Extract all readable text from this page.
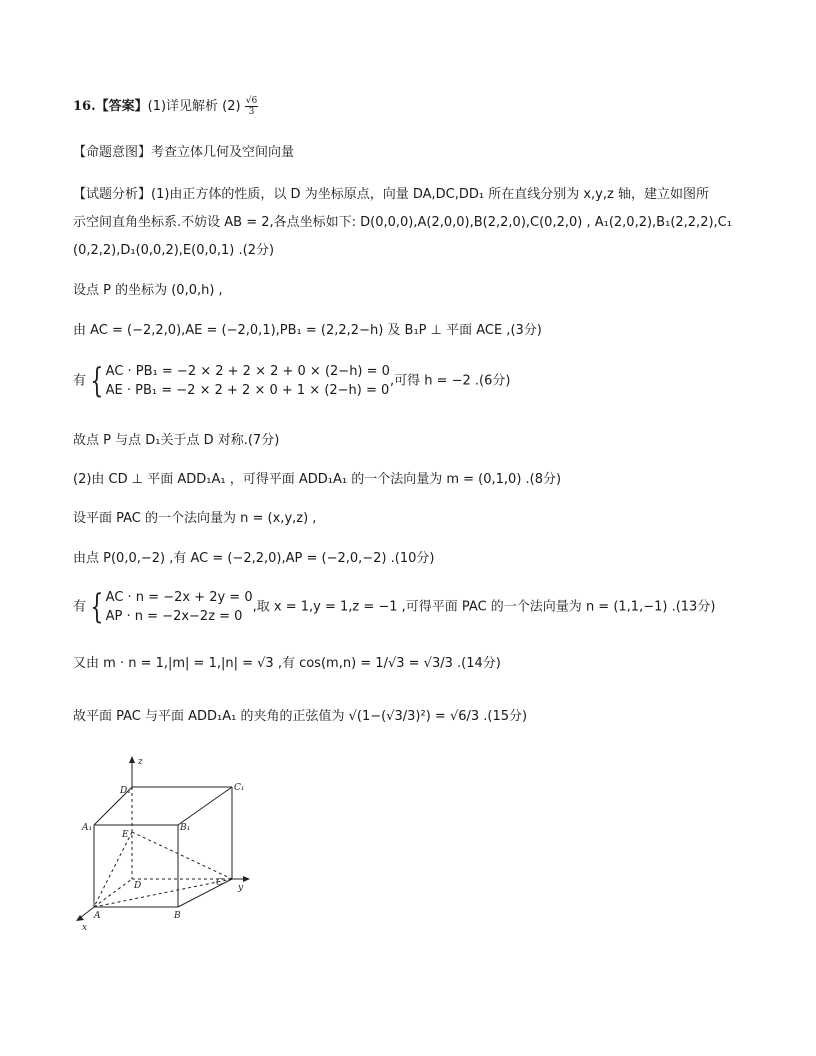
16.【答案】(1)详见解析 $(2) \frac{√6}{3}$
【命题意图】考查立体几何及空间向量
【试题分析】(1)由正方体的性质，以 D 为坐标原点，向量 DA,DC,DD₁ 所在直线分别为 x,y,z 轴，建立如图所
示空间直角坐标系.不妨设 AB = 2,各点坐标如下: D(0,0,0),A(2,0,0),B(2,2,0),C(0,2,0) , A₁(2,0,2),B₁(2,2,2),C₁
(0,2,2),D₁(0,0,2),E(0,0,1) .(2分)
设点 P 的坐标为 (0,0,h) ,
由 AC = (−2,2,0),AE = (−2,0,1),PB₁ = (2,2,2−h) 及 B₁P ⊥ 平面 ACE ,(3分)
有 { AC · PB₁ = −2 × 2 + 2 × 2 + 0 × (2−h) = 0
AE · PB₁ = −2 × 2 + 2 × 0 + 1 × (2−h) = 0
,可得 h = −2 .(6分)
故点 P 与点 D₁关于点 D 对称.(7分)
(2)由 CD ⊥ 平面 ADD₁A₁ ，可得平面 ADD₁A₁ 的一个法向量为 m = (0,1,0) .(8分)
设平面 PAC 的一个法向量为 n = (x,y,z) ,
由点 P(0,0,−2) ,有 AC = (−2,2,0),AP = (−2,0,−2) .(10分)
有 { AC · n = −2x + 2y = 0
AP · n = −2x−2z = 0
,取 x = 1,y = 1,z = −1 ,可得平面 PAC 的一个法向量为 n = (1,1,−1) .(13分)
又由 m · n = 1,|m| = 1,|n| = √3 ,有 cos(m,n) = 1/√3 = √3/3 .(14分)
故平面 PAC 与平面 ADD₁A₁ 的夹角的正弦值为 √(1−(√3/3)²) = √6/3 .(15分)
z
D₁	C₁
A₁	B₁
E
D	C y
A	B
x
